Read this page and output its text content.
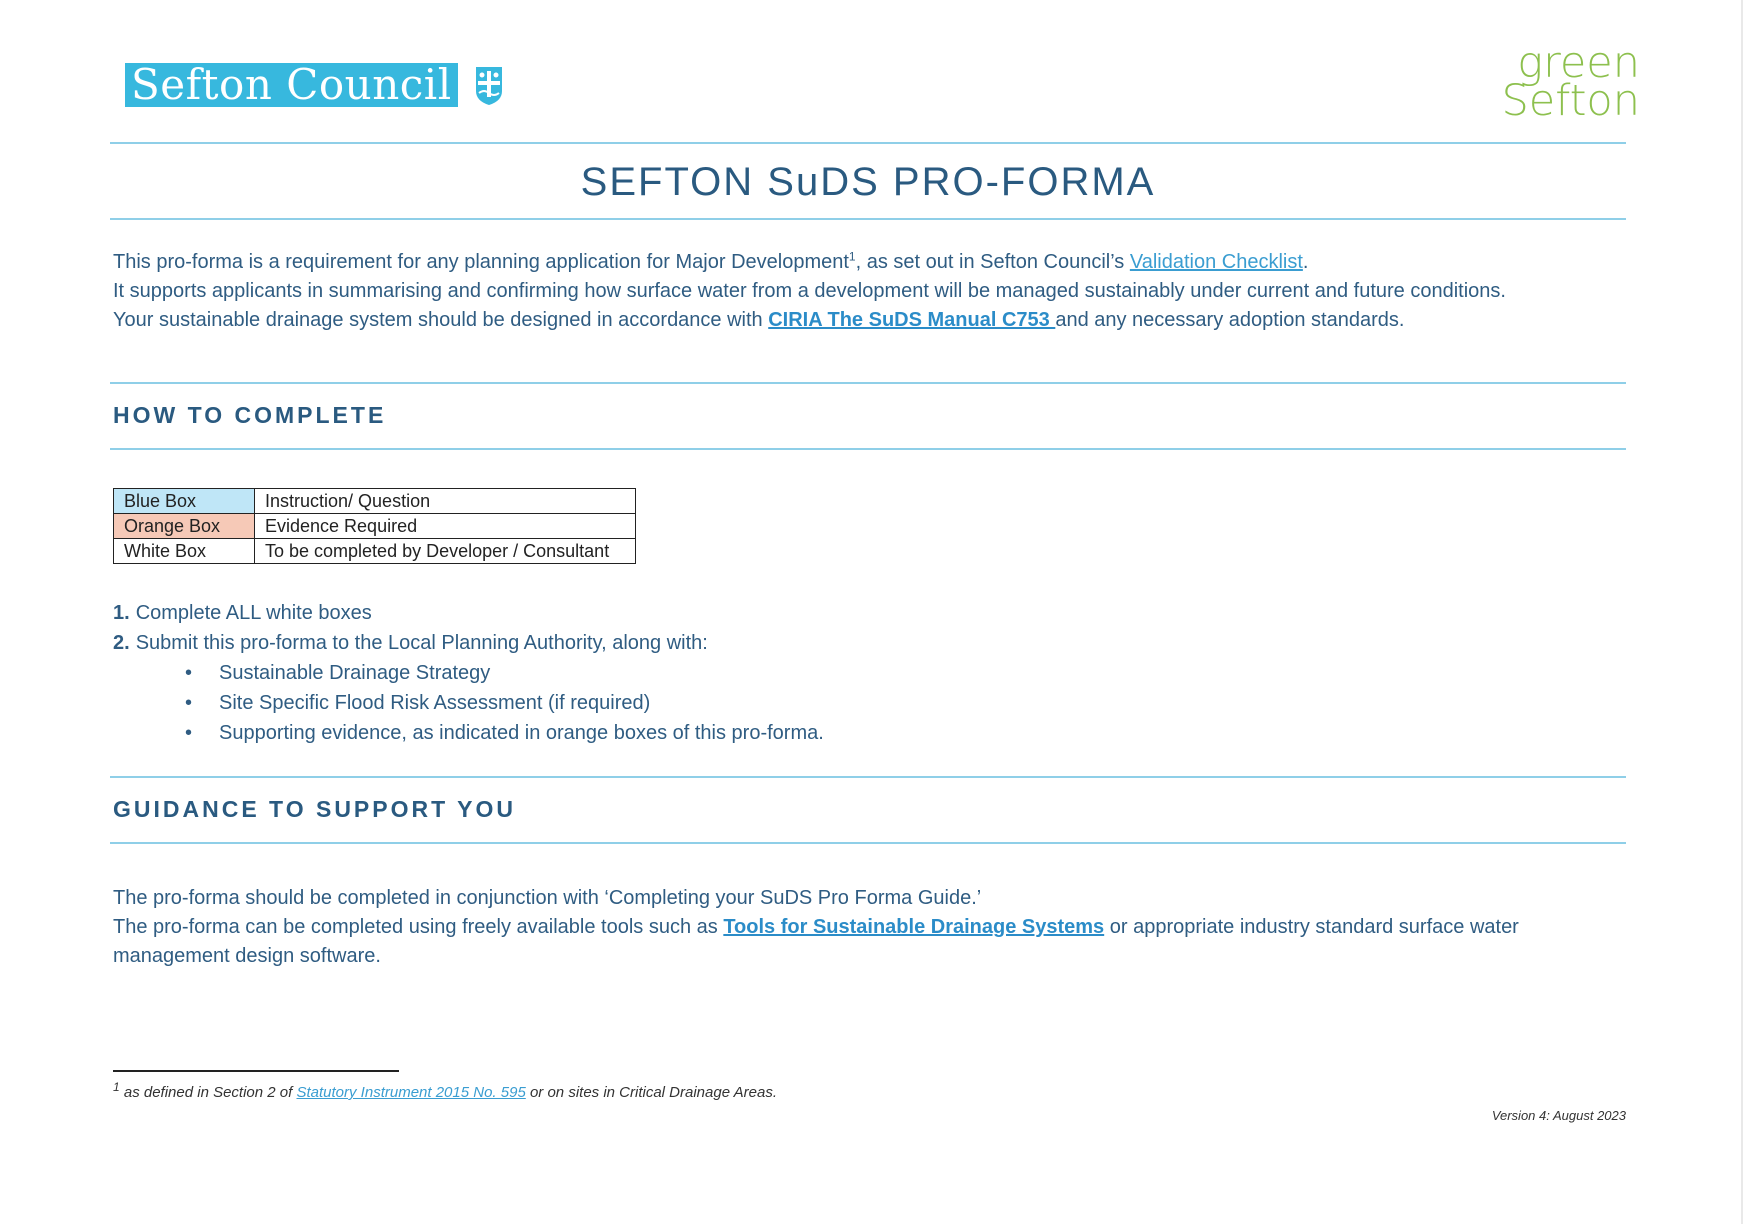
Sefton Council	green
Sefton
SEFTON SuDS PRO-FORMA

This pro-forma is a requirement for any planning application for Major Development$^1$, as set out in Sefton Council’s Validation Checklist.

It supports applicants in summarising and confirming how surface water from a development will be managed sustainably under current and future conditions.

Your sustainable drainage system should be designed in accordance with CIRIA The SuDS Manual C753 and any necessary adoption standards.

HOW TO COMPLETE
Blue Box	Instruction/ Question
Orange Box	Evidence Required
White Box	To be completed by Developer / Consultant
1. Complete ALL white boxes
2. Submit this pro-forma to the Local Planning Authority, along with:
• Sustainable Drainage Strategy
• Site Specific Flood Risk Assessment (if required)
• Supporting evidence, as indicated in orange boxes of this pro-forma.
GUIDANCE TO SUPPORT YOU

The pro-forma should be completed in conjunction with ‘Completing your SuDS Pro Forma Guide.’

The pro-forma can be completed using freely available tools such as Tools for Sustainable Drainage Systems or appropriate industry standard surface water management design software.

$^1$ as defined in Section 2 of Statutory Instrument 2015 No. 595 or on sites in Critical Drainage Areas.
Version 4: August 2023
